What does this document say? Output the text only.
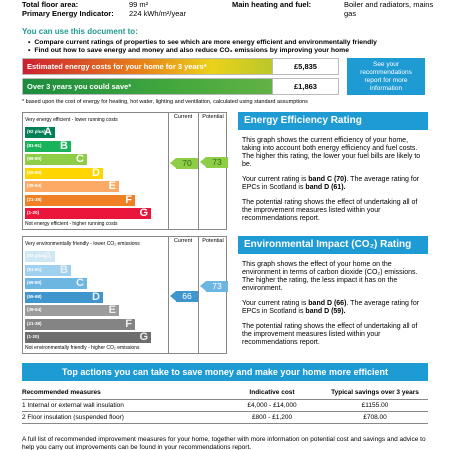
Total floor area:	99 m²
Primary Energy Indicator: 224 kWh/m²/year
Main heating and fuel:	Boiler and radiators, mains
gas
You can use this document to:
• Compare current ratings of properties to see which are more energy efficient and environmentally friendly
• Find out how to save energy and money and also reduce CO₂ emissions by improving your home
Estimated energy costs for your home for 3 years*	£5,835
Over 3 years you could save*	£1,863
See your
recommendations
report for more
information
* based upon the cost of energy for heating, hot water, lighting and ventilation, calculated using standard assumptions
Very energy efficient - lower running costs
Not energy efficient - higher running costs
Current	Potential
(92 plus)
A
(81-91) B
(69-80)	C
(55-68)	D
(39-54)	E
(21-38)	F
(1-20)	G
70	73
Very environmentally friendly - lower CO₂ emissions
Not environmentally friendly - higher CO₂ emissions
Current	Potential
(92 plus)
A
(81-91) B
(69-80)	C
(55-68)	D
(39-54)	E
(21-38)	F
(1-20)	G
66
73
Energy Efficiency Rating

This graph shows the current efficiency of your home, taking into account both energy efficiency and fuel costs. The higher this rating, the lower your fuel bills are likely to be.

Your current rating is band C (70). The average rating for EPCs in Scotland is band D (61).

The potential rating shows the effect of undertaking all of the improvement measures listed within your recommendations report.

Environmental Impact (CO₂) Rating

This graph shows the effect of your home on the environment in terms of carbon dioxide (CO₂) emissions. The higher the rating, the less impact it has on the environment.

Your current rating is band D (66). The average rating for EPCs in Scotland is band D (59).

The potential rating shows the effect of undertaking all of the improvement measures listed within your recommendations report.

Top actions you can take to save money and make your home more efficient
Recommended measures	Indicative cost	Typical savings over 3 years
1 Internal or external wall insulation	£4,000 - £14,000	£1155.00
2 Floor insulation (suspended floor)	£800 - £1,200	£708.00
A full list of recommended improvement measures for your home, together with more information on potential cost and savings and advice to help you carry out improvements can be found in your recommendations report.
